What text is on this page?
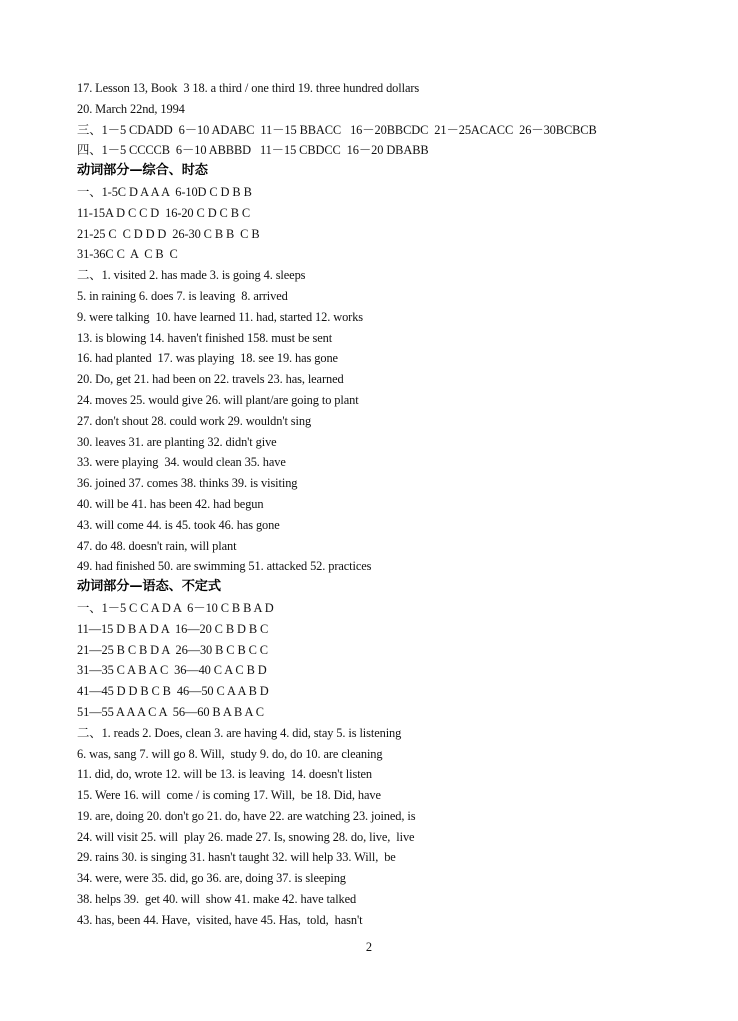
17. Lesson 13, Book  3 18. a third / one third 19. three hundred dollars
20. March 22nd, 1994
三、1－5 CDADD  6－10 ADABC  11－15 BBACC   16－20BBCDC  21－25ACACC  26－30BCBCB
四、1－5 CCCCB  6－10 ABBBD   11－15 CBDCC  16－20 DBABB
动词部分—综合、时态
一、1-5C D A A A  6-10D C D B B
11-15A D C C D  16-20 C D C B C
21-25 C  C D D D  26-30 C B B  C B
31-36C C  A  C B  C
二、1. visited 2. has made 3. is going 4. sleeps
5. in raining 6. does 7. is leaving  8. arrived
9. were talking  10. have learned 11. had, started 12. works
13. is blowing 14. haven't finished 158. must be sent
16. had planted  17. was playing  18. see 19. has gone
20. Do, get 21. had been on 22. travels 23. has, learned
24. moves 25. would give 26. will plant/are going to plant
27. don't shout 28. could work 29. wouldn't sing
30. leaves 31. are planting 32. didn't give
33. were playing  34. would clean 35. have
36. joined 37. comes 38. thinks 39. is visiting
40. will be 41. has been 42. had begun
43. will come 44. is 45. took 46. has gone
47. do 48. doesn't rain, will plant
49. had finished 50. are swimming 51. attacked 52. practices
动词部分—语态、不定式
一、1－5 C C A D A  6－10 C B B A D
11—15 D B A D A  16—20 C B D B C
21—25 B C B D A  26—30 B C B C C
31—35 C A B A C  36—40 C A C B D
41—45 D D B C B  46—50 C A A B D
51—55 A A A C A  56—60 B A B A C
二、1. reads 2. Does, clean 3. are having 4. did, stay 5. is listening
6. was, sang 7. will go 8. Will,  study 9. do, do 10. are cleaning
11. did, do, wrote 12. will be 13. is leaving  14. doesn't listen
15. Were 16. will  come / is coming 17. Will,  be 18. Did, have
19. are, doing 20. don't go 21. do, have 22. are watching 23. joined, is
24. will visit 25. will  play 26. made 27. Is, snowing 28. do, live,  live
29. rains 30. is singing 31. hasn't taught 32. will help 33. Will,  be
34. were, were 35. did, go 36. are, doing 37. is sleeping
38. helps 39.  get 40. will  show 41. make 42. have talked
43. has, been 44. Have,  visited, have 45. Has,  told,  hasn't
2
